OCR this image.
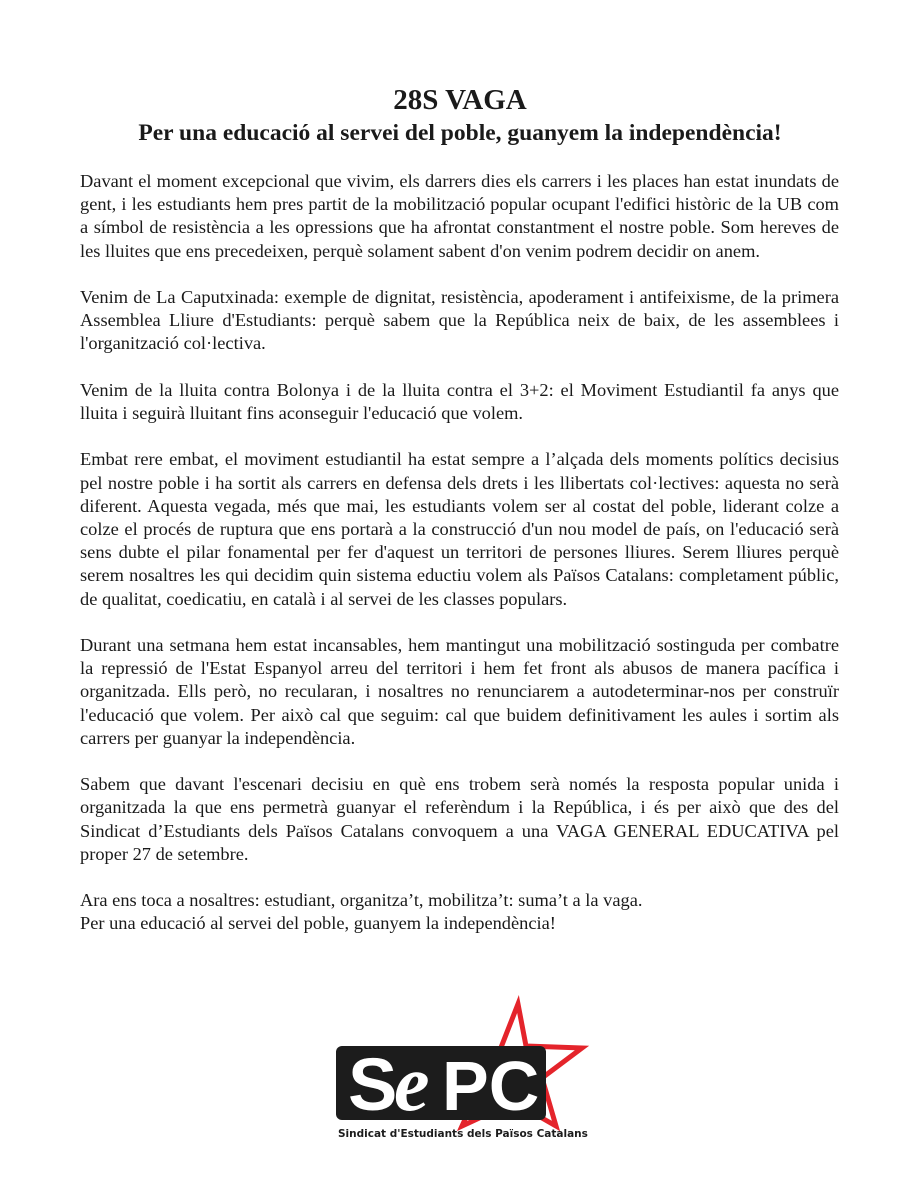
28S VAGA
Per una educació al servei del poble, guanyem la independència!

Davant el moment excepcional que vivim, els darrers dies els carrers i les places han estat inundats de gent, i les estudiants hem pres partit de la mobilització popular ocupant l'edifici històric de la UB com a símbol de resistència a les opressions que ha afrontat constantment el nostre poble. Som hereves de les lluites que ens precedeixen, perquè solament sabent d'on venim podrem decidir on anem.

Venim de La Caputxinada: exemple de dignitat, resistència, apoderament i antifeixisme, de la primera Assemblea Lliure d'Estudiants: perquè sabem que la República neix de baix, de les assemblees i l'organització col·lectiva.

Venim de la lluita contra Bolonya i de la lluita contra el 3+2: el Moviment Estudiantil fa anys que lluita i seguirà lluitant fins aconseguir l'educació que volem.

Embat rere embat, el moviment estudiantil ha estat sempre a l’alçada dels moments polítics decisius pel nostre poble i ha sortit als carrers en defensa dels drets i les llibertats col·lectives: aquesta no serà diferent. Aquesta vegada, més que mai, les estudiants volem ser al costat del poble, liderant colze a colze el procés de ruptura que ens portarà a la construcció d'un nou model de país, on l'educació serà sens dubte el pilar fonamental per fer d'aquest un territori de persones lliures. Serem lliures perquè serem nosaltres les qui decidim quin sistema eductiu volem als Països Catalans: completament públic, de qualitat, coedicatiu, en català i al servei de les classes populars.

Durant una setmana hem estat incansables, hem mantingut una mobilització sostinguda per combatre la repressió de l'Estat Espanyol arreu del territori i hem fet front als abusos de manera pacífica i organitzada. Ells però, no recularan, i nosaltres no renunciarem a autodeterminar-nos per construïr l'educació que volem. Per això cal que seguim: cal que buidem definitivament les aules i sortim als carrers per guanyar la independència.

Sabem que davant l'escenari decisiu en què ens trobem serà només la resposta popular unida i organitzada la que ens permetrà guanyar el referèndum i la República, i és per això que des del Sindicat d’Estudiants dels Països Catalans convoquem a una VAGA GENERAL EDUCATIVA pel proper 27 de setembre.

Ara ens toca a nosaltres: estudiant, organitza’t, mobilitza’t: suma’t a la vaga.
Per una educació al servei del poble, guanyem la independència!

S
e PC
Sindicat d'Estudiants dels Països Catalans
